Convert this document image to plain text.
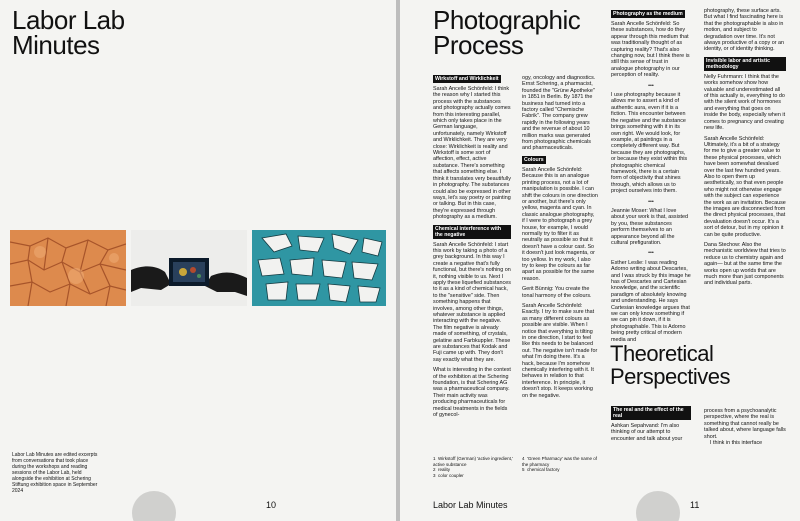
Labor Lab
Minutes
Labor Lab Minutes are edited excerpts from conversations that took place during the workshops and reading sessions of the Labor Lab, held alongside the exhibition at Schering Stiftung exhibition space in September 2024
10
Photographic
Process
Wirkstoff and Wirklichkeit

Sarah Ancelle Schönfeld: I think the reason why I started this process with the substances and photography actually comes from this interesting parallel, which only takes place in the German language, unfortunately, namely Wirkstoff and Wirklichkeit. They are very close: Wirklichkeit is reality and Wirkstoff is some sort of affection, effect, active substance. There's something that affects something else. I think it translates very beautifully in photography. The substances could also be expressed in other ways, let's say poetry or painting or talking. But in this case, they're expressed through photography as a medium.

Chemical interference with the negative

Sarah Ancelle Schönfeld: I start this work by taking a photo of a grey background. In this way I create a negative that's fully functional, but there's nothing on it, nothing visible to us. Next I apply these liquefied substances to it as a kind of chemical hack, to the "sensitive" side. Then something happens that involves, among other things, whatever substance is applied interacting with the negative. The film negative is already made of something, of crystals, gelatine and Farbkuppler. These are substances that Kodak and Fuji came up with. They don't say exactly what they are.

What is interesting in the context of the exhibition at the Schering foundation, is that Schering AG was a pharmaceutical company. Their main activity was producing pharmaceuticals for medical treatments in the fields of gynecol-

ogy, oncology and diagnostics. Ernst Schering, a pharmacist, founded the "Grüne Apotheke" in 1851 in Berlin. By 1871 the business had turned into a factory called "Chemische Fabrik". The company grew rapidly in the following years and the revenue of about 10 million marks was generated from photographic chemicals and pharmaceuticals.

Colours

Sarah Ancelle Schönfeld: Because this is an analogue printing process, not a lot of manipulation is possible. I can shift the colours in one direction or another, but there's only yellow, magenta and cyan. In classic analogue photography, if I were to photograph a grey house, for example, I would normally try to filter it as neutrally as possible so that it doesn't have a colour cast. So it doesn't just look magenta, or too yellow. In my work, I also try to keep the colours as far apart as possible for the same reason.

Gerit Bünnig: You create the tonal harmony of the colours.

Sarah Ancelle Schönfeld: Exactly. I try to make sure that as many different colours as possible are visible. When I notice that everything is tilting in one direction, I start to feel like this needs to be balanced out. The negative isn't made for what I'm doing there. It's a hack, because I'm somehow chemically interfering with it. It behaves in relation to that interference. In principle, it doesn't stop. It keeps working on the negative.

Photography as the medium

Sarah Ancelle Schönfeld: So these substances, how do they appear through this medium that was traditionally thought of as capturing reality? That's also changing now, but I think there is still this sense of trust in analogue photography in our perception of reality.

•••

I use photography because it allows me to assert a kind of authentic aura, even if it is a fiction. This encounter between the negative and the substance brings something with it in its own right. We would look, for example, at paintings in a completely different way. But because they are photographs, or because they exist within this photographic chemical framework, there is a certain form of objectivity that shines through, which allows us to project ourselves into them.

•••

Jeannie Moser: What I love about your work is that, assisted by you, these substances perform themselves to an appearance beyond all the cultural prefiguration.

•••

Esther Leslie: I was reading Adorno writing about Descartes, and I was struck by this image he has of Descartes and Cartesian knowledge, and the scientific paradigm of absolutely knowing and understanding. He says Cartesian knowledge argues that we can only know something if we can pin it down, if it is photographable. This is Adorno being pretty critical of modern media and

photography, these surface arts. But what I find fascinating here is that the photographable is also in motion, and subject to degradation over time. It's not always productive of a copy or an identity, or of identity thinking.

Invisible labor and artistic methodology

Nelly Fuhrmann: I think that the works somehow show how valuable and underestimated all of this actually is, everything to do with the silent work of hormones and everything that goes on inside the body, especially when it comes to pregnancy and creating new life.

Sarah Ancelle Schönfeld: Ultimately, it's a bit of a strategy for me to give a greater value to these physical processes, which have been somewhat devalued over the last few hundred years. Also to open them up aesthetically, so that even people who might not otherwise engage with the subject can experience the work as an invitation. Because the images are disconnected from the direct physical processes, that devaluation doesn't occur. It's a sort of detour, but in my opinion it can be quite productive.

Dana Stechow: Also the mechanistic worldview that tries to reduce us to chemistry again and again— but at the same time the works open up worlds that are much more than just components and individual parts.

Theoretical
Perspectives
The real and the effect of the real

Ashkan Sepahvand: I'm also thinking of our attempt to encounter and talk about your

process from a psychoanalytic perspective, where the real is something that cannot really be talked about, where language falls short.

I think in this interface

1 Wirkstoff (German) 'active ingredient,' active substance
2 reality
3 color coupler
4 'Green Pharmacy' was the name of the pharmacy
5 chemical factory
Labor Lab Minutes	11
